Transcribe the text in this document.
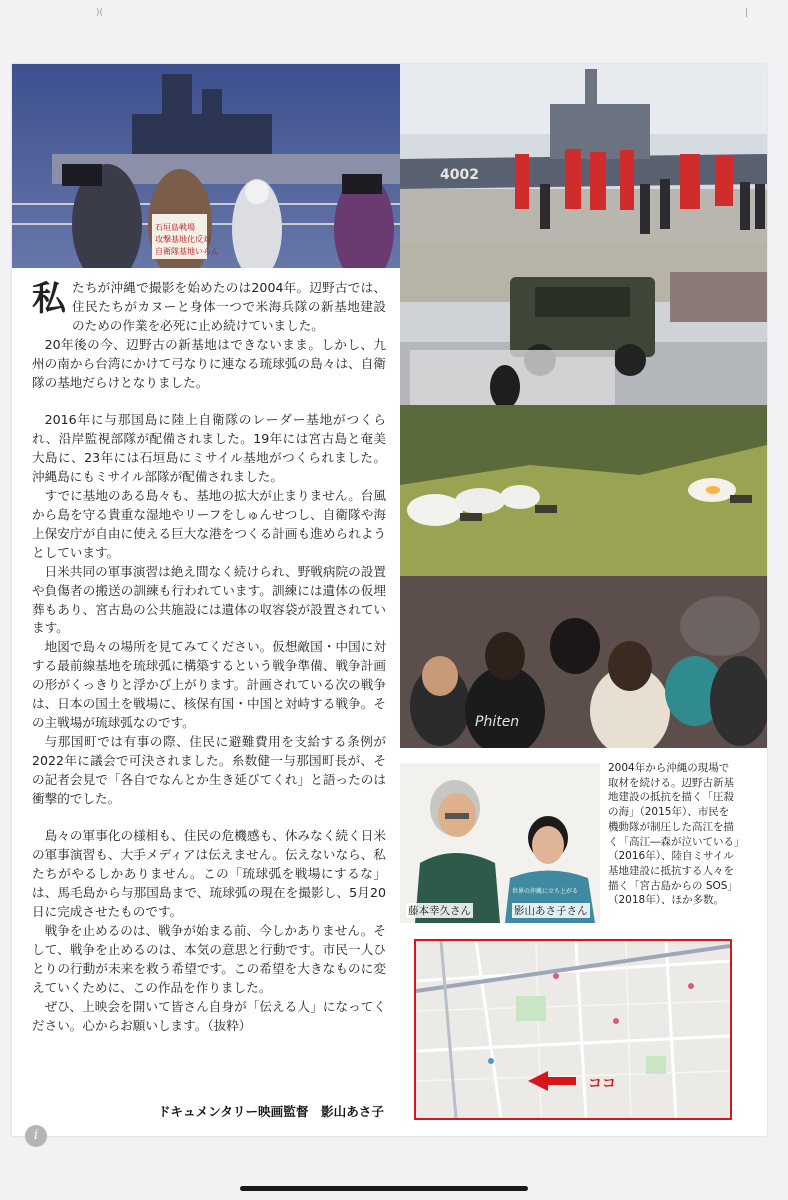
)(	|
石垣島戦場
攻撃基地化反対
自衛隊基地いらん
4002
Phiten
世界の沖縄に立ち上がる
藤本幸久さん	影山あさ子さん
2004年から沖縄の現場で
取材を続ける。辺野古新基
地建設の抵抗を描く「圧殺
の海」（2015年）、市民を
機動隊が制圧した高江を描
く「高江―森が泣いている」
（2016年）、陸自ミサイル
基地建設に抵抗する人々を
描く「宮古島からの SOS」
（2018年）、ほか多数。
ココ

私たちが沖縄で撮影を始めたのは2004年。辺野古では、住民たちがカヌーと身体一つで米海兵隊の新基地建設のための作業を必死に止め続けていました。

20年後の今、辺野古の新基地はできないまま。しかし、九州の南から台湾にかけて弓なりに連なる琉球弧の島々は、自衛隊の基地だらけとなりました。

2016年に与那国島に陸上自衛隊のレーダー基地がつくられ、沿岸監視部隊が配備されました。19年には宮古島と奄美大島に、23年には石垣島にミサイル基地がつくられました。沖縄島にもミサイル部隊が配備されました。

すでに基地のある島々も、基地の拡大が止まりません。台風から島を守る貴重な湿地やリーフをしゅんせつし、自衛隊や海上保安庁が自由に使える巨大な港をつくる計画も進められようとしています。

日米共同の軍事演習は絶え間なく続けられ、野戦病院の設置や負傷者の搬送の訓練も行われています。訓練には遺体の仮埋葬もあり、宮古島の公共施設には遺体の収容袋が設置されています。

地図で島々の場所を見てみてください。仮想敵国・中国に対する最前線基地を琉球弧に構築するという戦争準備、戦争計画の形がくっきりと浮かび上がります。計画されている次の戦争は、日本の国土を戦場に、核保有国・中国と対峙する戦争。その主戦場が琉球弧なのです。

与那国町では有事の際、住民に避難費用を支給する条例が2022年に議会で可決されました。糸数健一与那国町長が、その記者会見で「各自でなんとか生き延びてくれ」と語ったのは衝撃的でした。

島々の軍事化の様相も、住民の危機感も、休みなく続く日米の軍事演習も、大手メディアは伝えません。伝えないなら、私たちがやるしかありません。この「琉球弧を戦場にするな」は、馬毛島から与那国島まで、琉球弧の現在を撮影し、5月20日に完成させたものです。

戦争を止めるのは、戦争が始まる前、今しかありません。そして、戦争を止めるのは、本気の意思と行動です。市民一人ひとりの行動が未来を救う希望です。この希望を大きなものに変えていくために、この作品を作りました。

ぜひ、上映会を開いて皆さん自身が「伝える人」になってください。心からお願いします。（抜粋）

ドキュメンタリー映画監督　影山あさ子
i
